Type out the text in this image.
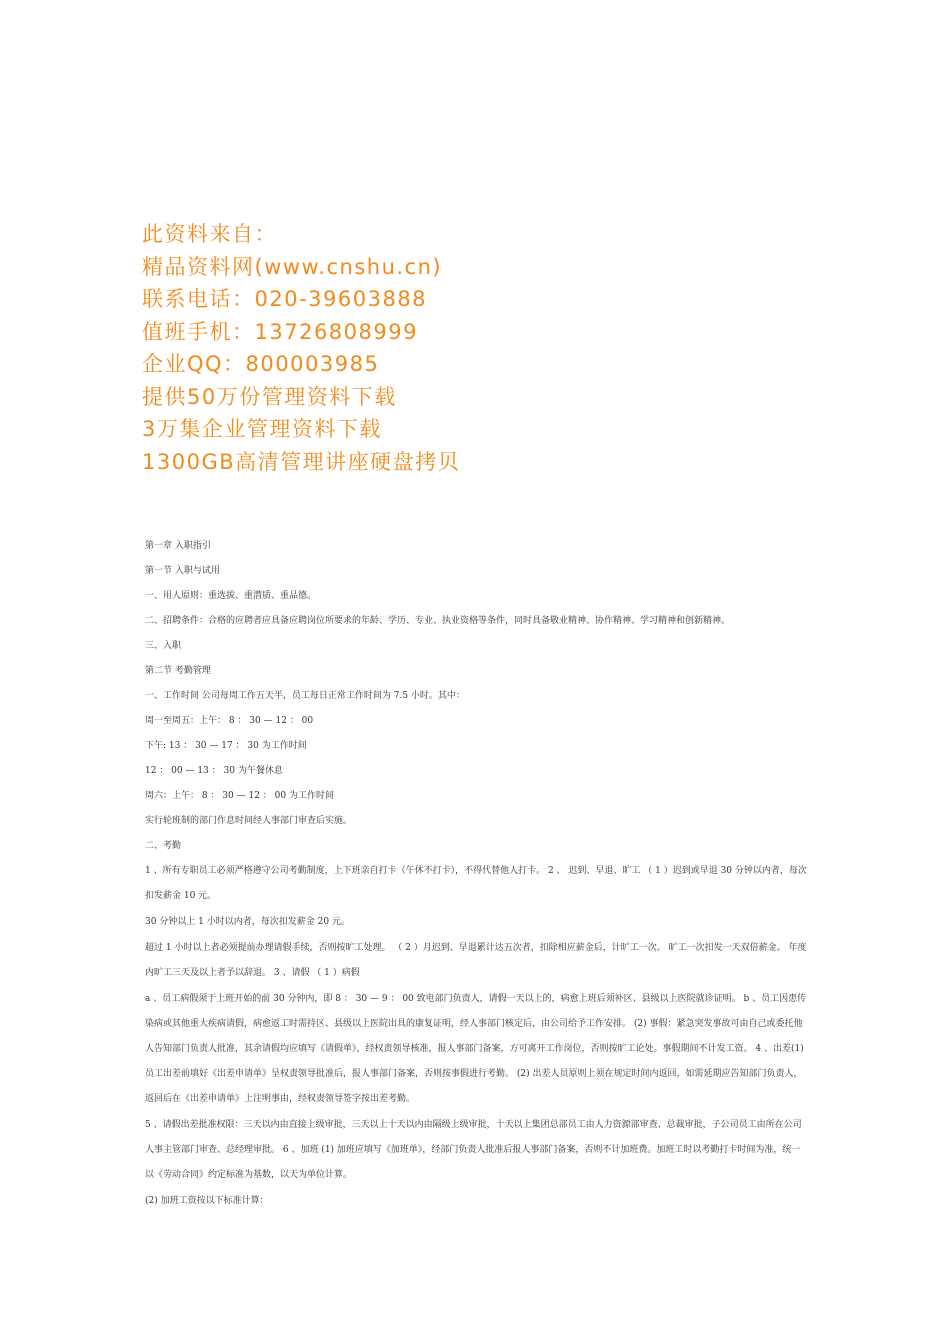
此资料来自：
精品资料网(www.cnshu.cn)
联系电话：020-39603888
值班手机：13726808999
企业QQ：800003985
提供50万份管理资料下载
3万集企业管理资料下载
1300GB高清管理讲座硬盘拷贝
第一章 入职指引
第一节 入职与试用
一、用人原则：重选拔、重潜质、重品德。
二、招聘条件：合格的应聘者应具备应聘岗位所要求的年龄、学历、专业、执业资格等条件，同时具备敬业精神、协作精神、学习精神和创新精神。
三、入职
第二节 考勤管理
一、工作时间 公司每周工作五天半，员工每日正常工作时间为 7.5 小时。其中：
周一至周五：上午： 8 ： 30 — 12 ： 00
下午: 13 ： 30 — 17 ： 30 为工作时间
12 ： 00 — 13 ： 30 为午餐休息
周六：上午： 8 ： 30 — 12 ： 00 为工作时间
实行轮班制的部门作息时间经人事部门审查后实施。
二、考勤
1 、所有专职员工必须严格遵守公司考勤制度，上下班亲自打卡（午休不打卡），不得代替他人打卡。 2 、 迟到、早退、旷工 （ 1 ）迟到或早退 30 分钟以内者，每次扣发薪金 10 元。
30 分钟以上 1 小时以内者，每次扣发薪金 20 元。
超过 1 小时以上者必须提前办理请假手续，否则按旷工处理。 （ 2 ）月迟到、早退累计达五次者，扣除相应薪金后，计旷工一次。 旷工一次扣发一天双倍薪金。 年度内旷工三天及以上者予以辞退。 3 、请假 （ 1 ）病假
a 、员工病假须于上班开始的前 30 分钟内，即 8 ： 30 — 9 ： 00 致电部门负责人，请假一天以上的，病愈上班后须补区、县级以上医院就诊证明。 b 、员工因患传染病或其他重大疾病请假，病愈返工时需持区、县级以上医院出具的康复证明，经人事部门核定后，由公司给予工作安排。 (2) 事假：紧急突发事故可由自己或委托他人告知部门负责人批准，其余请假均应填写《请假单》，经权责领导核准，报人事部门备案，方可离开工作岗位，否则按旷工论处。事假期间不计发工资。 4 、出差(1) 员工出差前填好《出差申请单》呈权责领导批准后，报人事部门备案，否则按事假进行考勤。 (2) 出差人员原则上须在规定时间内返回，如需延期应告知部门负责人，返回后在《出差申请单》上注明事由，经权责领导签字按出差考勤。
5 、请假出差批准权限：三天以内由直接上级审批，三天以上十天以内由隔级上级审批，十天以上集团总部员工由人力资源部审查、总裁审批，子公司员工由所在公司人事主管部门审查、总经理审批。 6 、加班 (1) 加班应填写《加班单》，经部门负责人批准后报人事部门备案，否则不计加班费。加班工时以考勤打卡时间为准，统一以《劳动合同》约定标准为基数，以天为单位计算。
(2) 加班工资按以下标准计算：
